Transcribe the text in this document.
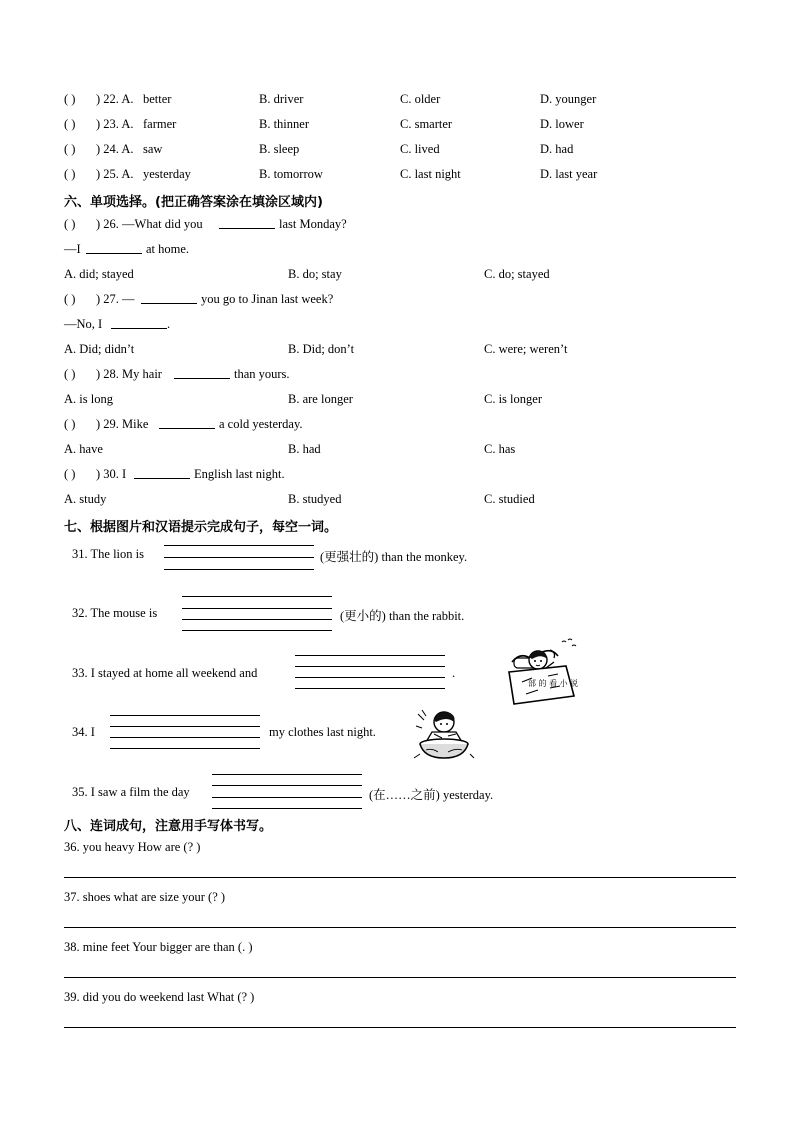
( ) ) 22. A. better	B. driver	C. older	D. younger
( ) ) 23. A. farmer	B. thinner	C. smarter	D. lower
( ) ) 24. A. saw	B. sleep	C. lived	D. had
( ) ) 25. A. yesterday	B. tomorrow	C. last night	D. last year
六、单项选择。(把正确答案涂在填涂区域内)
( ) ) 26. —What did you	last Monday?
—I	at home.
A. did; stayed	B. do; stay	C. do; stayed
( ) ) 27. —	you go to Jinan last week?
—No, I	.
A. Did; didn’t	B. Did; don’t	C. were; weren’t
( ) ) 28. My hair	than yours.
A. is long	B. are longer	C. is longer
( ) ) 29. Mike	a cold yesterday.
A. have	B. had	C. has
( ) ) 30. I	English last night.
A. study	B. studyed	C. studied
七、根据图片和汉语提示完成句子，每空一词。
31. The lion is	(更强壮的) than the monkey.
32. The mouse is	(更小的) than the rabbit.
33. I stayed at home all weekend and	.
部 的 看 小 说
34. I	my clothes last night.
35. I saw a film the day	(在……之前) yesterday.
八、连词成句，注意用手写体书写。
36. you heavy How are (? )
37. shoes what are size your (? )
38. mine feet Your bigger are than (. )
39. did you do weekend last What (? )
